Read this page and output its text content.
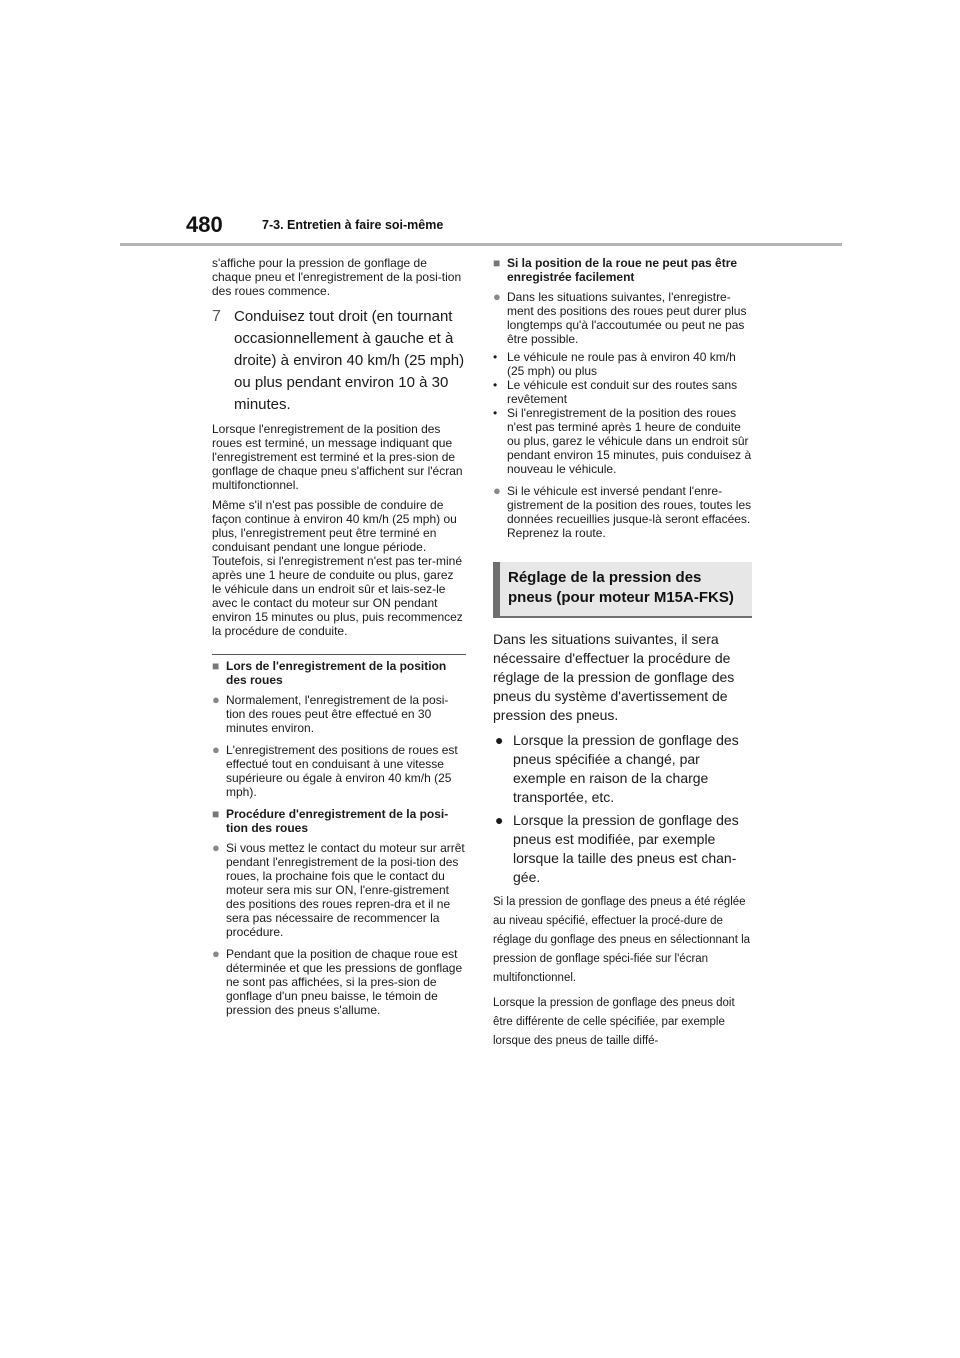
480	7-3. Entretien à faire soi-même

s'affiche pour la pression de gonflage de chaque pneu et l'enregistrement de la posi-tion des roues commence.

7 Conduisez tout droit (en tournant occasionnellement à gauche et à droite) à environ 40 km/h (25 mph) ou plus pendant environ 10 à 30 minutes.

Lorsque l'enregistrement de la position des roues est terminé, un message indiquant que l'enregistrement est terminé et la pres-sion de gonflage de chaque pneu s'affichent sur l'écran multifonctionnel.

Même s'il n'est pas possible de conduire de façon continue à environ 40 km/h (25 mph) ou plus, l'enregistrement peut être terminé en conduisant pendant une longue période. Toutefois, si l'enregistrement n'est pas ter-miné après une 1 heure de conduite ou plus, garez le véhicule dans un endroit sûr et lais-sez-le avec le contact du moteur sur ON pendant environ 15 minutes ou plus, puis recommencez la procédure de conduite.

■ Lors de l'enregistrement de la position des roues
● Normalement, l'enregistrement de la posi-tion des roues peut être effectué en 30 minutes environ.
● L'enregistrement des positions de roues est effectué tout en conduisant à une vitesse supérieure ou égale à environ 40 km/h (25 mph).
■ Procédure d'enregistrement de la posi-tion des roues
● Si vous mettez le contact du moteur sur arrêt pendant l'enregistrement de la posi-tion des roues, la prochaine fois que le contact du moteur sera mis sur ON, l'enre-gistrement des positions des roues repren-dra et il ne sera pas nécessaire de recommencer la procédure.
● Pendant que la position de chaque roue est déterminée et que les pressions de gonflage ne sont pas affichées, si la pres-sion de gonflage d'un pneu baisse, le témoin de pression des pneus s'allume.
■ Si la position de la roue ne peut pas être enregistrée facilement
● Dans les situations suivantes, l'enregistre-ment des positions des roues peut durer plus longtemps qu'à l'accoutumée ou peut ne pas être possible.
• Le véhicule ne roule pas à environ 40 km/h (25 mph) ou plus
• Le véhicule est conduit sur des routes sans revêtement
• Si l'enregistrement de la position des roues n'est pas terminé après 1 heure de conduite ou plus, garez le véhicule dans un endroit sûr pendant environ 15 minutes, puis conduisez à nouveau le véhicule.
● Si le véhicule est inversé pendant l'enre-gistrement de la position des roues, toutes les données recueillies jusque-là seront effacées. Reprenez la route.
Réglage de la pression des pneus (pour moteur M15A-FKS)

Dans les situations suivantes, il sera nécessaire d'effectuer la procédure de réglage de la pression de gonflage des pneus du système d'avertissement de pression des pneus.

● Lorsque la pression de gonflage des pneus spécifiée a changé, par exemple en raison de la charge transportée, etc.
● Lorsque la pression de gonflage des pneus est modifiée, par exemple lorsque la taille des pneus est chan-gée.

Si la pression de gonflage des pneus a été réglée au niveau spécifié, effectuer la procé-dure de réglage du gonflage des pneus en sélectionnant la pression de gonflage spéci-fiée sur l'écran multifonctionnel.

Lorsque la pression de gonflage des pneus doit être différente de celle spécifiée, par exemple lorsque des pneus de taille diffé-
